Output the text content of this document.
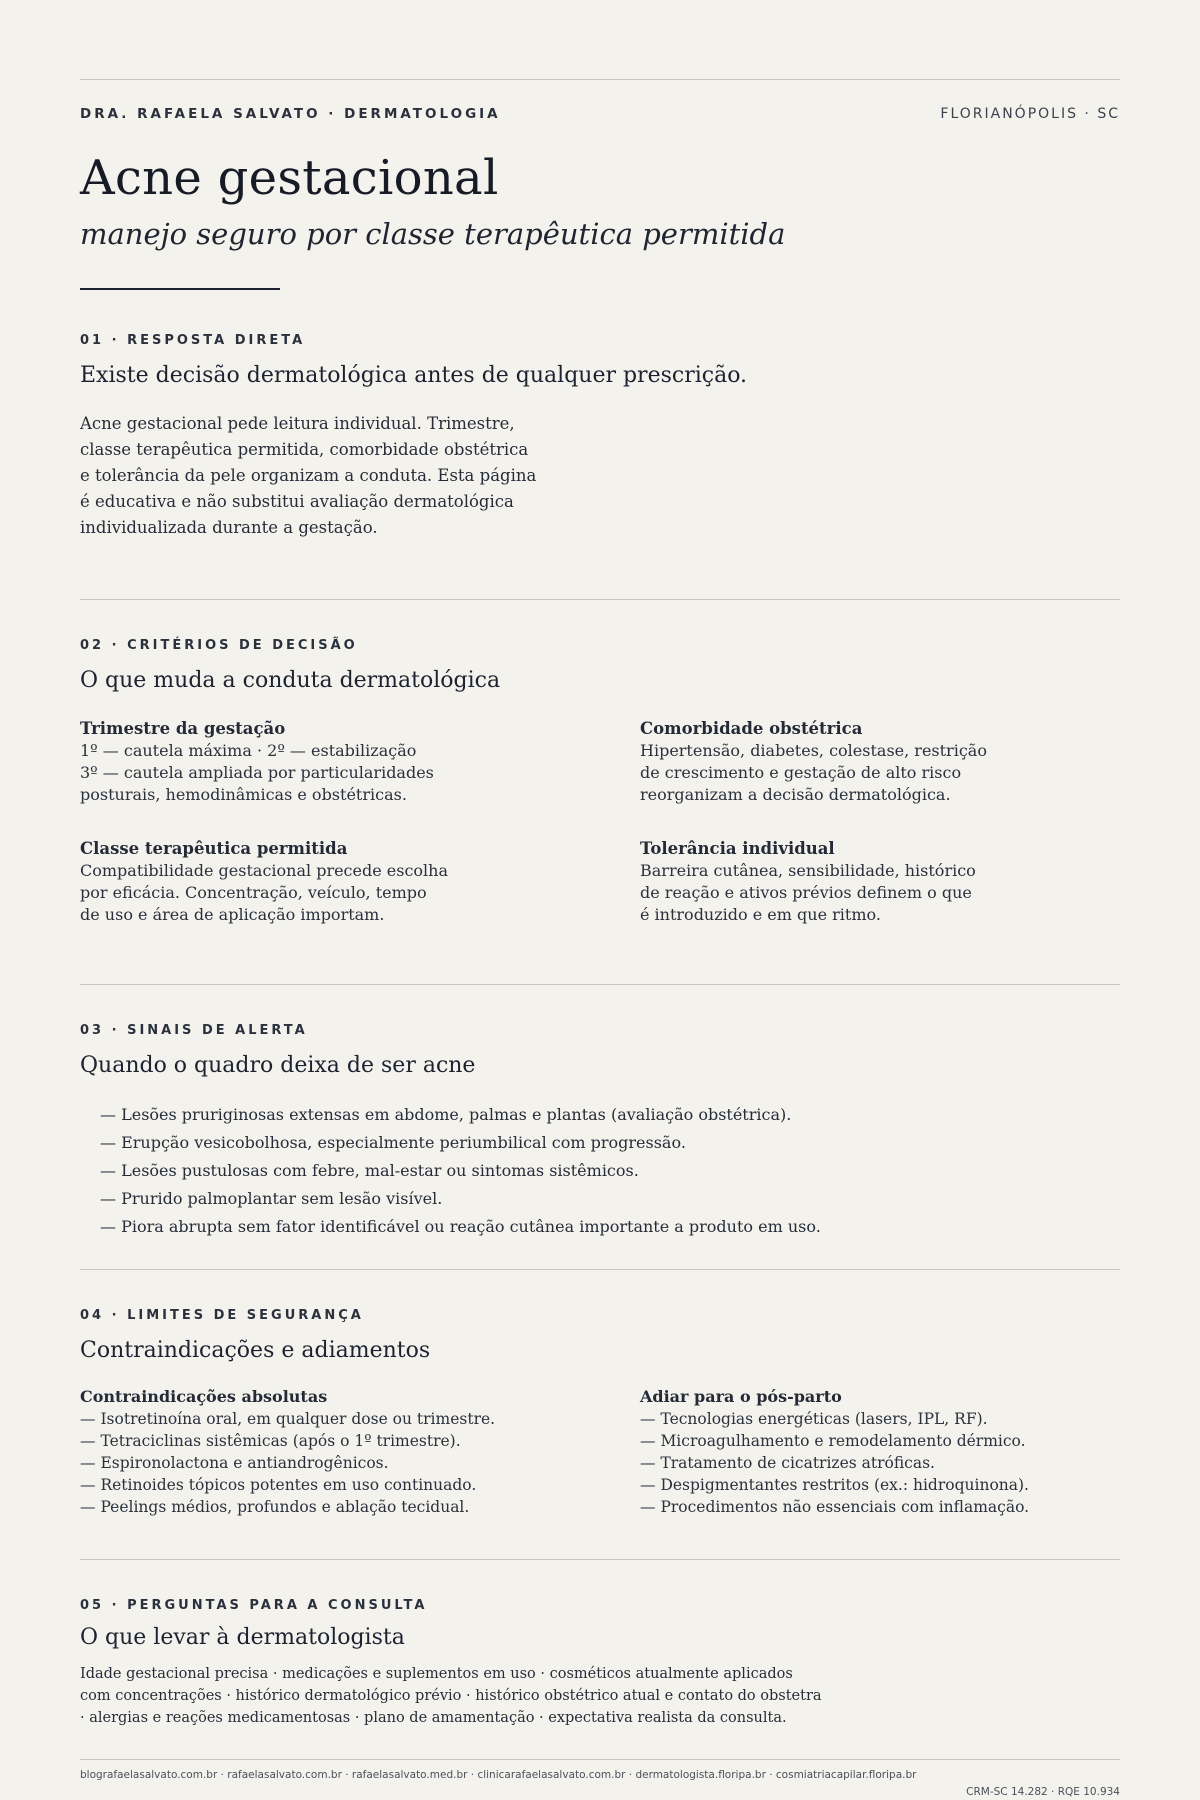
DRA. RAFAELA SALVATO · DERMATOLOGIA	FLORIANÓPOLIS · SC
Acne gestacional
manejo seguro por classe terapêutica permitida
01 · RESPOSTA DIRETA
Existe decisão dermatológica antes de qualquer prescrição.
Acne gestacional pede leitura individual. Trimestre,
classe terapêutica permitida, comorbidade obstétrica
e tolerância da pele organizam a conduta. Esta página
é educativa e não substitui avaliação dermatológica
individualizada durante a gestação.
02 · CRITÉRIOS DE DECISÃO
O que muda a conduta dermatológica
Trimestre da gestação
1º — cautela máxima · 2º — estabilização
3º — cautela ampliada por particularidades
posturais, hemodinâmicas e obstétricas.
Comorbidade obstétrica
Hipertensão, diabetes, colestase, restrição
de crescimento e gestação de alto risco
reorganizam a decisão dermatológica.
Classe terapêutica permitida
Compatibilidade gestacional precede escolha
por eficácia. Concentração, veículo, tempo
de uso e área de aplicação importam.
Tolerância individual
Barreira cutânea, sensibilidade, histórico
de reação e ativos prévios definem o que
é introduzido e em que ritmo.
03 · SINAIS DE ALERTA
Quando o quadro deixa de ser acne
— Lesões pruriginosas extensas em abdome, palmas e plantas (avaliação obstétrica).
— Erupção vesicobolhosa, especialmente periumbilical com progressão.
— Lesões pustulosas com febre, mal-estar ou sintomas sistêmicos.
— Prurido palmoplantar sem lesão visível.
— Piora abrupta sem fator identificável ou reação cutânea importante a produto em uso.
04 · LIMITES DE SEGURANÇA
Contraindicações e adiamentos
Contraindicações absolutas
— Isotretinoína oral, em qualquer dose ou trimestre.
— Tetraciclinas sistêmicas (após o 1º trimestre).
— Espironolactona e antiandrogênicos.
— Retinoides tópicos potentes em uso continuado.
— Peelings médios, profundos e ablação tecidual.
Adiar para o pós-parto
— Tecnologias energéticas (lasers, IPL, RF).
— Microagulhamento e remodelamento dérmico.
— Tratamento de cicatrizes atróficas.
— Despigmentantes restritos (ex.: hidroquinona).
— Procedimentos não essenciais com inflamação.
05 · PERGUNTAS PARA A CONSULTA
O que levar à dermatologista
Idade gestacional precisa · medicações e suplementos em uso · cosméticos atualmente aplicados
com concentrações · histórico dermatológico prévio · histórico obstétrico atual e contato do obstetra
· alergias e reações medicamentosas · plano de amamentação · expectativa realista da consulta.
blografaelasalvato.com.br · rafaelasalvato.com.br · rafaelasalvato.med.br · clinicarafaelasalvato.com.br · dermatologista.floripa.br · cosmiatriacapilar.floripa.br
CRM-SC 14.282 · RQE 10.934
